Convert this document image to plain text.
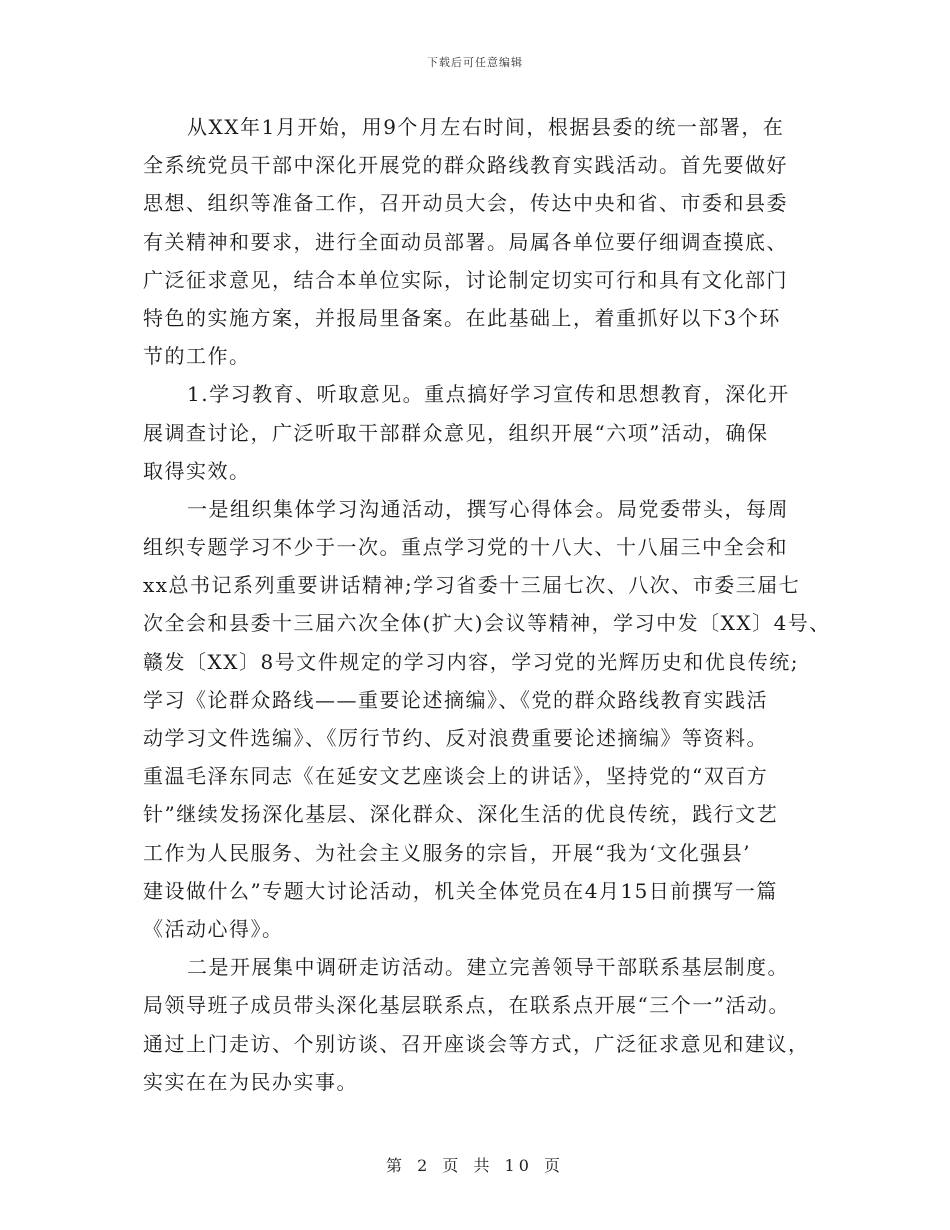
下载后可任意编辑
从XX年1月开始，用9个月左右时间，根据县委的统一部署，在
全系统党员干部中深化开展党的群众路线教育实践活动。首先要做好
思想、组织等准备工作，召开动员大会，传达中央和省、市委和县委
有关精神和要求，进行全面动员部署。局属各单位要仔细调查摸底、
广泛征求意见，结合本单位实际，讨论制定切实可行和具有文化部门
特色的实施方案，并报局里备案。在此基础上，着重抓好以下3个环
节的工作。
1.学习教育、听取意见。重点搞好学习宣传和思想教育，深化开
展调查讨论，广泛听取干部群众意见，组织开展“六项”活动，确保
取得实效。
一是组织集体学习沟通活动，撰写心得体会。局党委带头，每周
组织专题学习不少于一次。重点学习党的十八大、十八届三中全会和
xx总书记系列重要讲话精神;学习省委十三届七次、八次、市委三届七
次全会和县委十三届六次全体(扩大)会议等精神，学习中发〔XX〕4号、
赣发〔XX〕8号文件规定的学习内容，学习党的光辉历史和优良传统;
学习《论群众路线——重要论述摘编》、《党的群众路线教育实践活
动学习文件选编》、《厉行节约、反对浪费重要论述摘编》等资料。
重温毛泽东同志《在延安文艺座谈会上的讲话》，坚持党的“双百方
针”继续发扬深化基层、深化群众、深化生活的优良传统，践行文艺
工作为人民服务、为社会主义服务的宗旨，开展“我为‘文化强县’
建设做什么”专题大讨论活动，机关全体党员在4月15日前撰写一篇
《活动心得》。
二是开展集中调研走访活动。建立完善领导干部联系基层制度。
局领导班子成员带头深化基层联系点，在联系点开展“三个一”活动。
通过上门走访、个别访谈、召开座谈会等方式，广泛征求意见和建议，
实实在在为民办实事。
第 2 页 共 10 页
